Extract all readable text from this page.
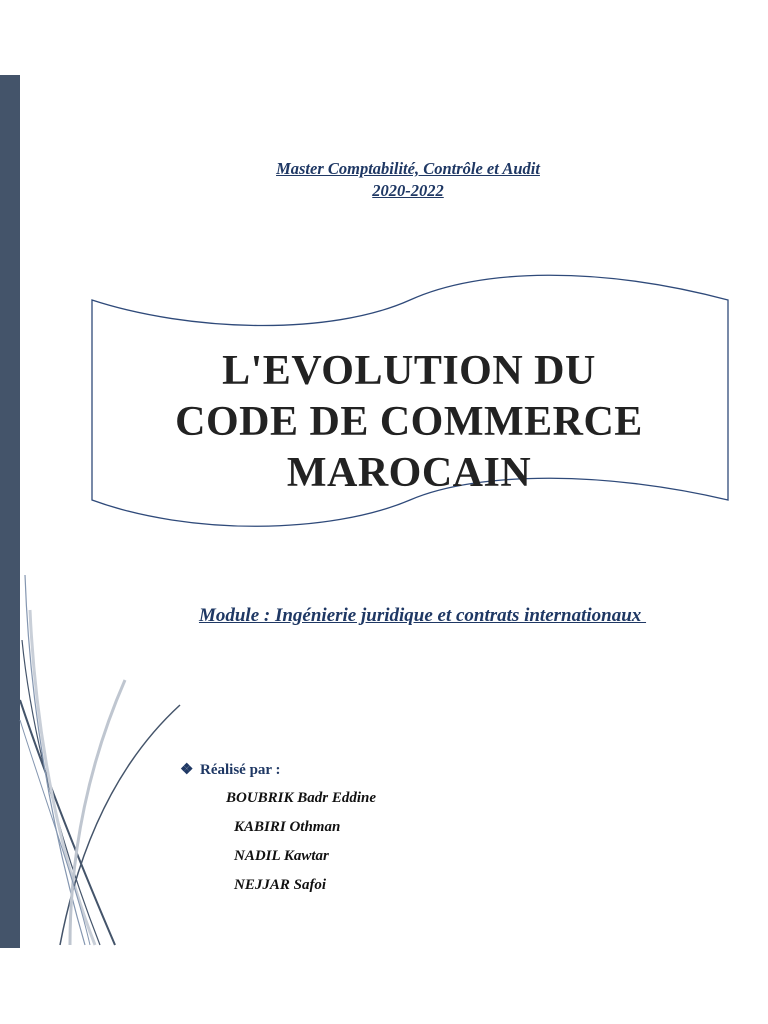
Master Comptabilité, Contrôle et Audit
2020-2022
L'EVOLUTION DU
CODE DE COMMERCE
MAROCAIN

Module : Ingénierie juridique et contrats internationaux

❖ Réalisé par :
BOUBRIK Badr Eddine
KABIRI Othman
NADIL Kawtar
NEJJAR Safoi
